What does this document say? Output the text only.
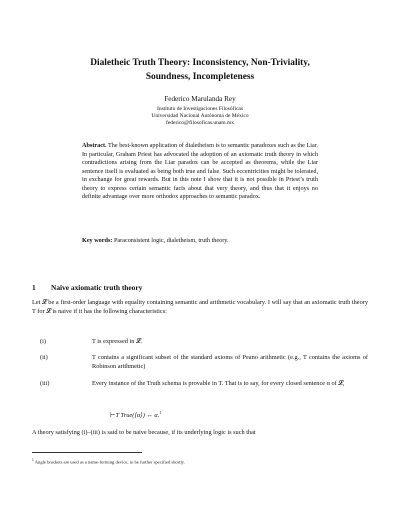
Dialetheic Truth Theory: Inconsistency, Non-Triviality,
Soundness, Incompleteness
Federico Marulanda Rey
Instituto de Investigaciones Filosóficas
Universidad Nacional Autónoma de México
federico@filosoficas.unam.mx
Abstract. The best-known application of dialetheism is to semantic paradoxes such as the Liar. In particular, Graham Priest has advocated the adoption of an axiomatic truth theory in which contradictions arising from the Liar paradox can be accepted as theorems, while the Liar sentence itself is evaluated as being both true and false. Such eccentricities might be tolerated, in exchange for great rewards. But in this note I show that it is not possible in Priest’s truth theory to express certain semantic facts about that very theory, and thus that it enjoys no definite advantage over more orthodox approaches to semantic paradox.
Key words: Paraconsistent logic, dialetheism, truth theory.
1 Naive axiomatic truth theory
Let 𝓛 be a first-order language with equality containing semantic and arithmetic vocabulary. I will say that an axiomatic truth theory T for 𝓛 is naive if it has the following characteristics:
(i)	T is expressed in 𝓛.
(ii)	T contains a significant subset of the standard axioms of Peano arithmetic (e.g., T contains the axioms of Robinson arithmetic)
(iii)	Every instance of the Truth schema is provable in T. That is to say, for every closed sentence α of 𝓛,
⊢T True(⟨α⟩) ↔ α.$^1$
A theory satisfying (i)–(iii) is said to be naive because, if its underlying logic is such that
$^1$ Angle brackets are used as a name-forming device, to be further specified shortly.
